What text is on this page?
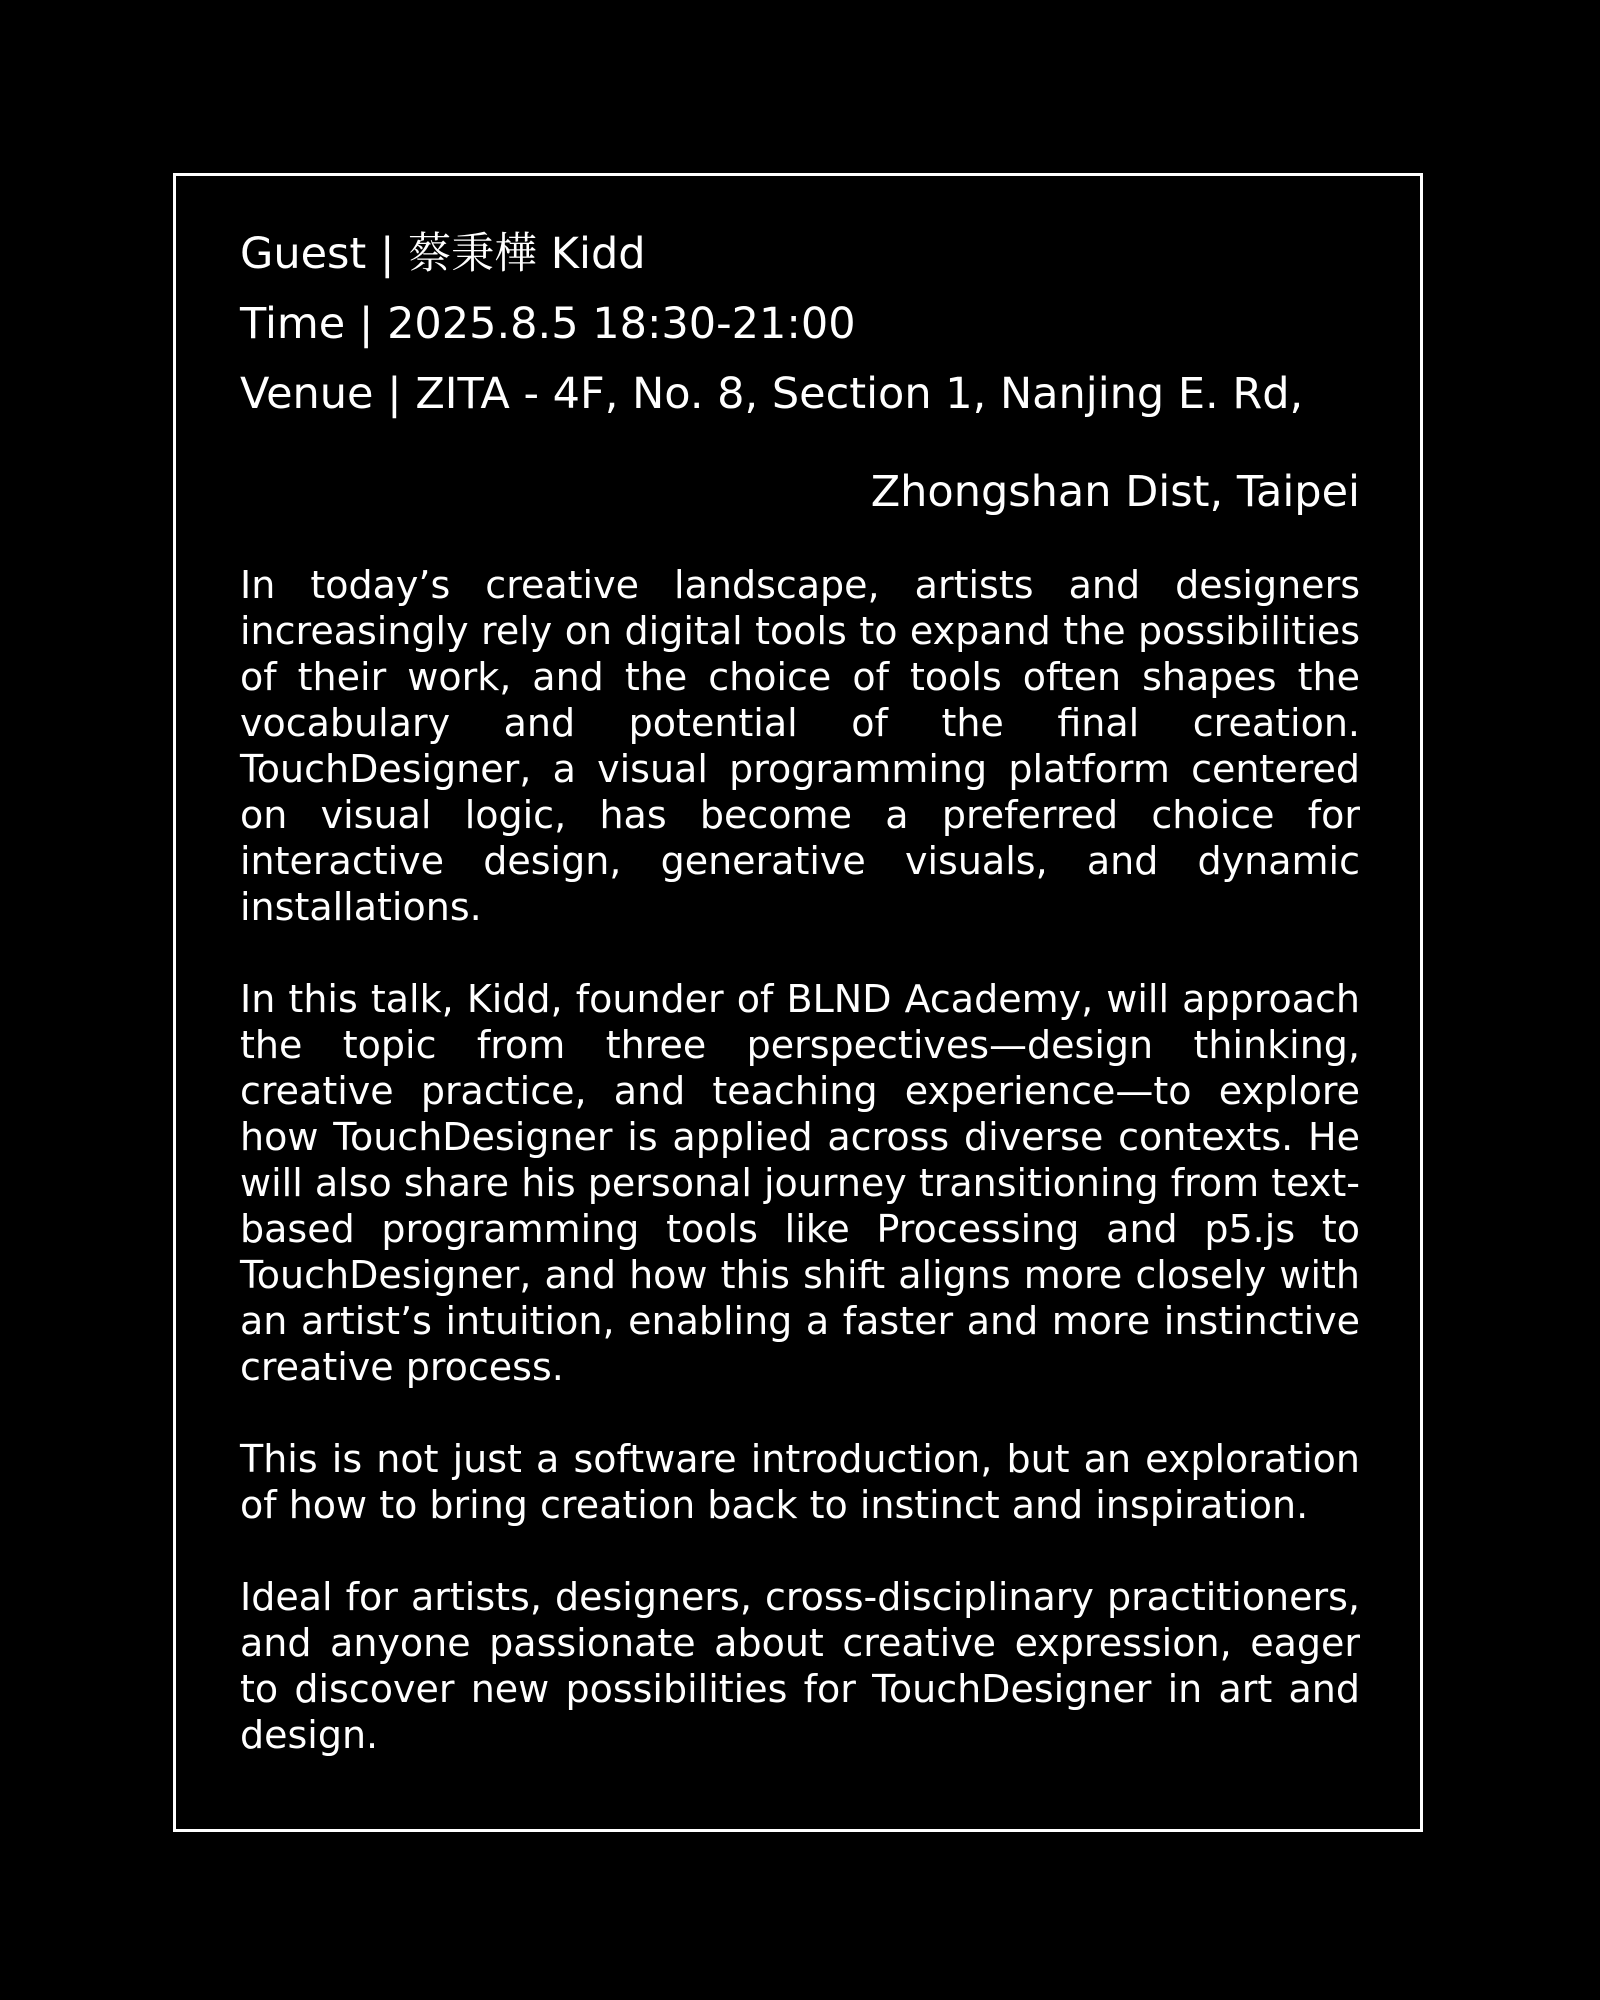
Guest | 蔡秉樺 Kidd

Time | 2025.8.5 18:30-21:00

Venue | ZITA - 4F, No. 8, Section 1, Nanjing E. Rd,

Zhongshan Dist, Taipei

In today’s creative landscape, artists and designers increasingly rely on digital tools to expand the possibilities of their work, and the choice of tools often shapes the vocabulary and potential of the final creation. TouchDesigner, a visual programming platform centered on visual logic, has become a preferred choice for interactive design, generative visuals, and dynamic installations.

In this talk, Kidd, founder of BLND Academy, will approach the topic from three perspectives—design thinking, creative practice, and teaching experience—to explore how TouchDesigner is applied across diverse contexts. He will also share his personal journey transitioning from text-based programming tools like Processing and p5.js to TouchDesigner, and how this shift aligns more closely with an artist’s intuition, enabling a faster and more instinctive creative process.

This is not just a software introduction, but an exploration of how to bring creation back to instinct and inspiration.

Ideal for artists, designers, cross-disciplinary practitioners, and anyone passionate about creative expression, eager to discover new possibilities for TouchDesigner in art and design.
